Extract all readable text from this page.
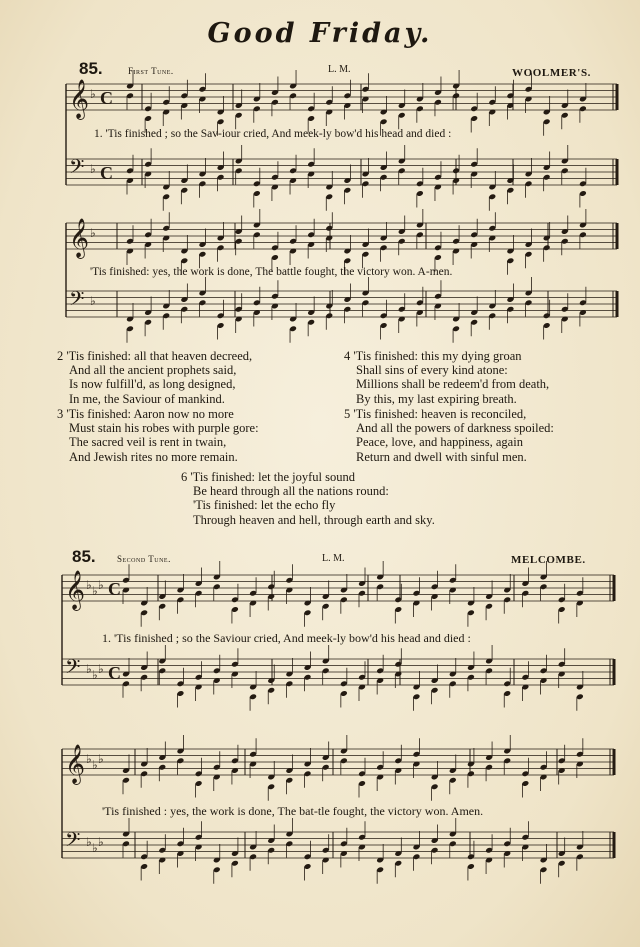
Good Friday.
85.	First Tune.	L. M.	WOOLMER'S.
𝄞 ♭ C
𝄢 ♭ C
𝄞 ♭
𝄢 ♭
𝄞 ♭ ♭ ♭ C
𝄢 ♭ ♭ ♭ C
𝄞 ♭ ♭ ♭
𝄢 ♭ ♭ ♭
1. 'Tis finished ; so the Sav-iour cried, And meek-ly bow'd his head and died :
'Tis finished: yes, the work is done, The battle fought, the victory won. A-men.
2 'Tis finished: all that heaven decreed,
And all the ancient prophets said,
Is now fulfill'd, as long designed,
In me, the Saviour of mankind.
3 'Tis finished: Aaron now no more
Must stain his robes with purple gore:
The sacred veil is rent in twain,
And Jewish rites no more remain.
4 'Tis finished: this my dying groan
Shall sins of every kind atone:
Millions shall be redeem'd from death,
By this, my last expiring breath.
5 'Tis finished: heaven is reconciled,
And all the powers of darkness spoiled:
Peace, love, and happiness, again
Return and dwell with sinful men.
6 'Tis finished: let the joyful sound
Be heard through all the nations round:
'Tis finished: let the echo fly
Through heaven and hell, through earth and sky.
85. Second Tune.	L. M.	MELCOMBE.
1. 'Tis finished ; so the Saviour cried, And meek-ly bow'd his head and died :
'Tis finished : yes, the work is done, The bat-tle fought, the victory won. Amen.
